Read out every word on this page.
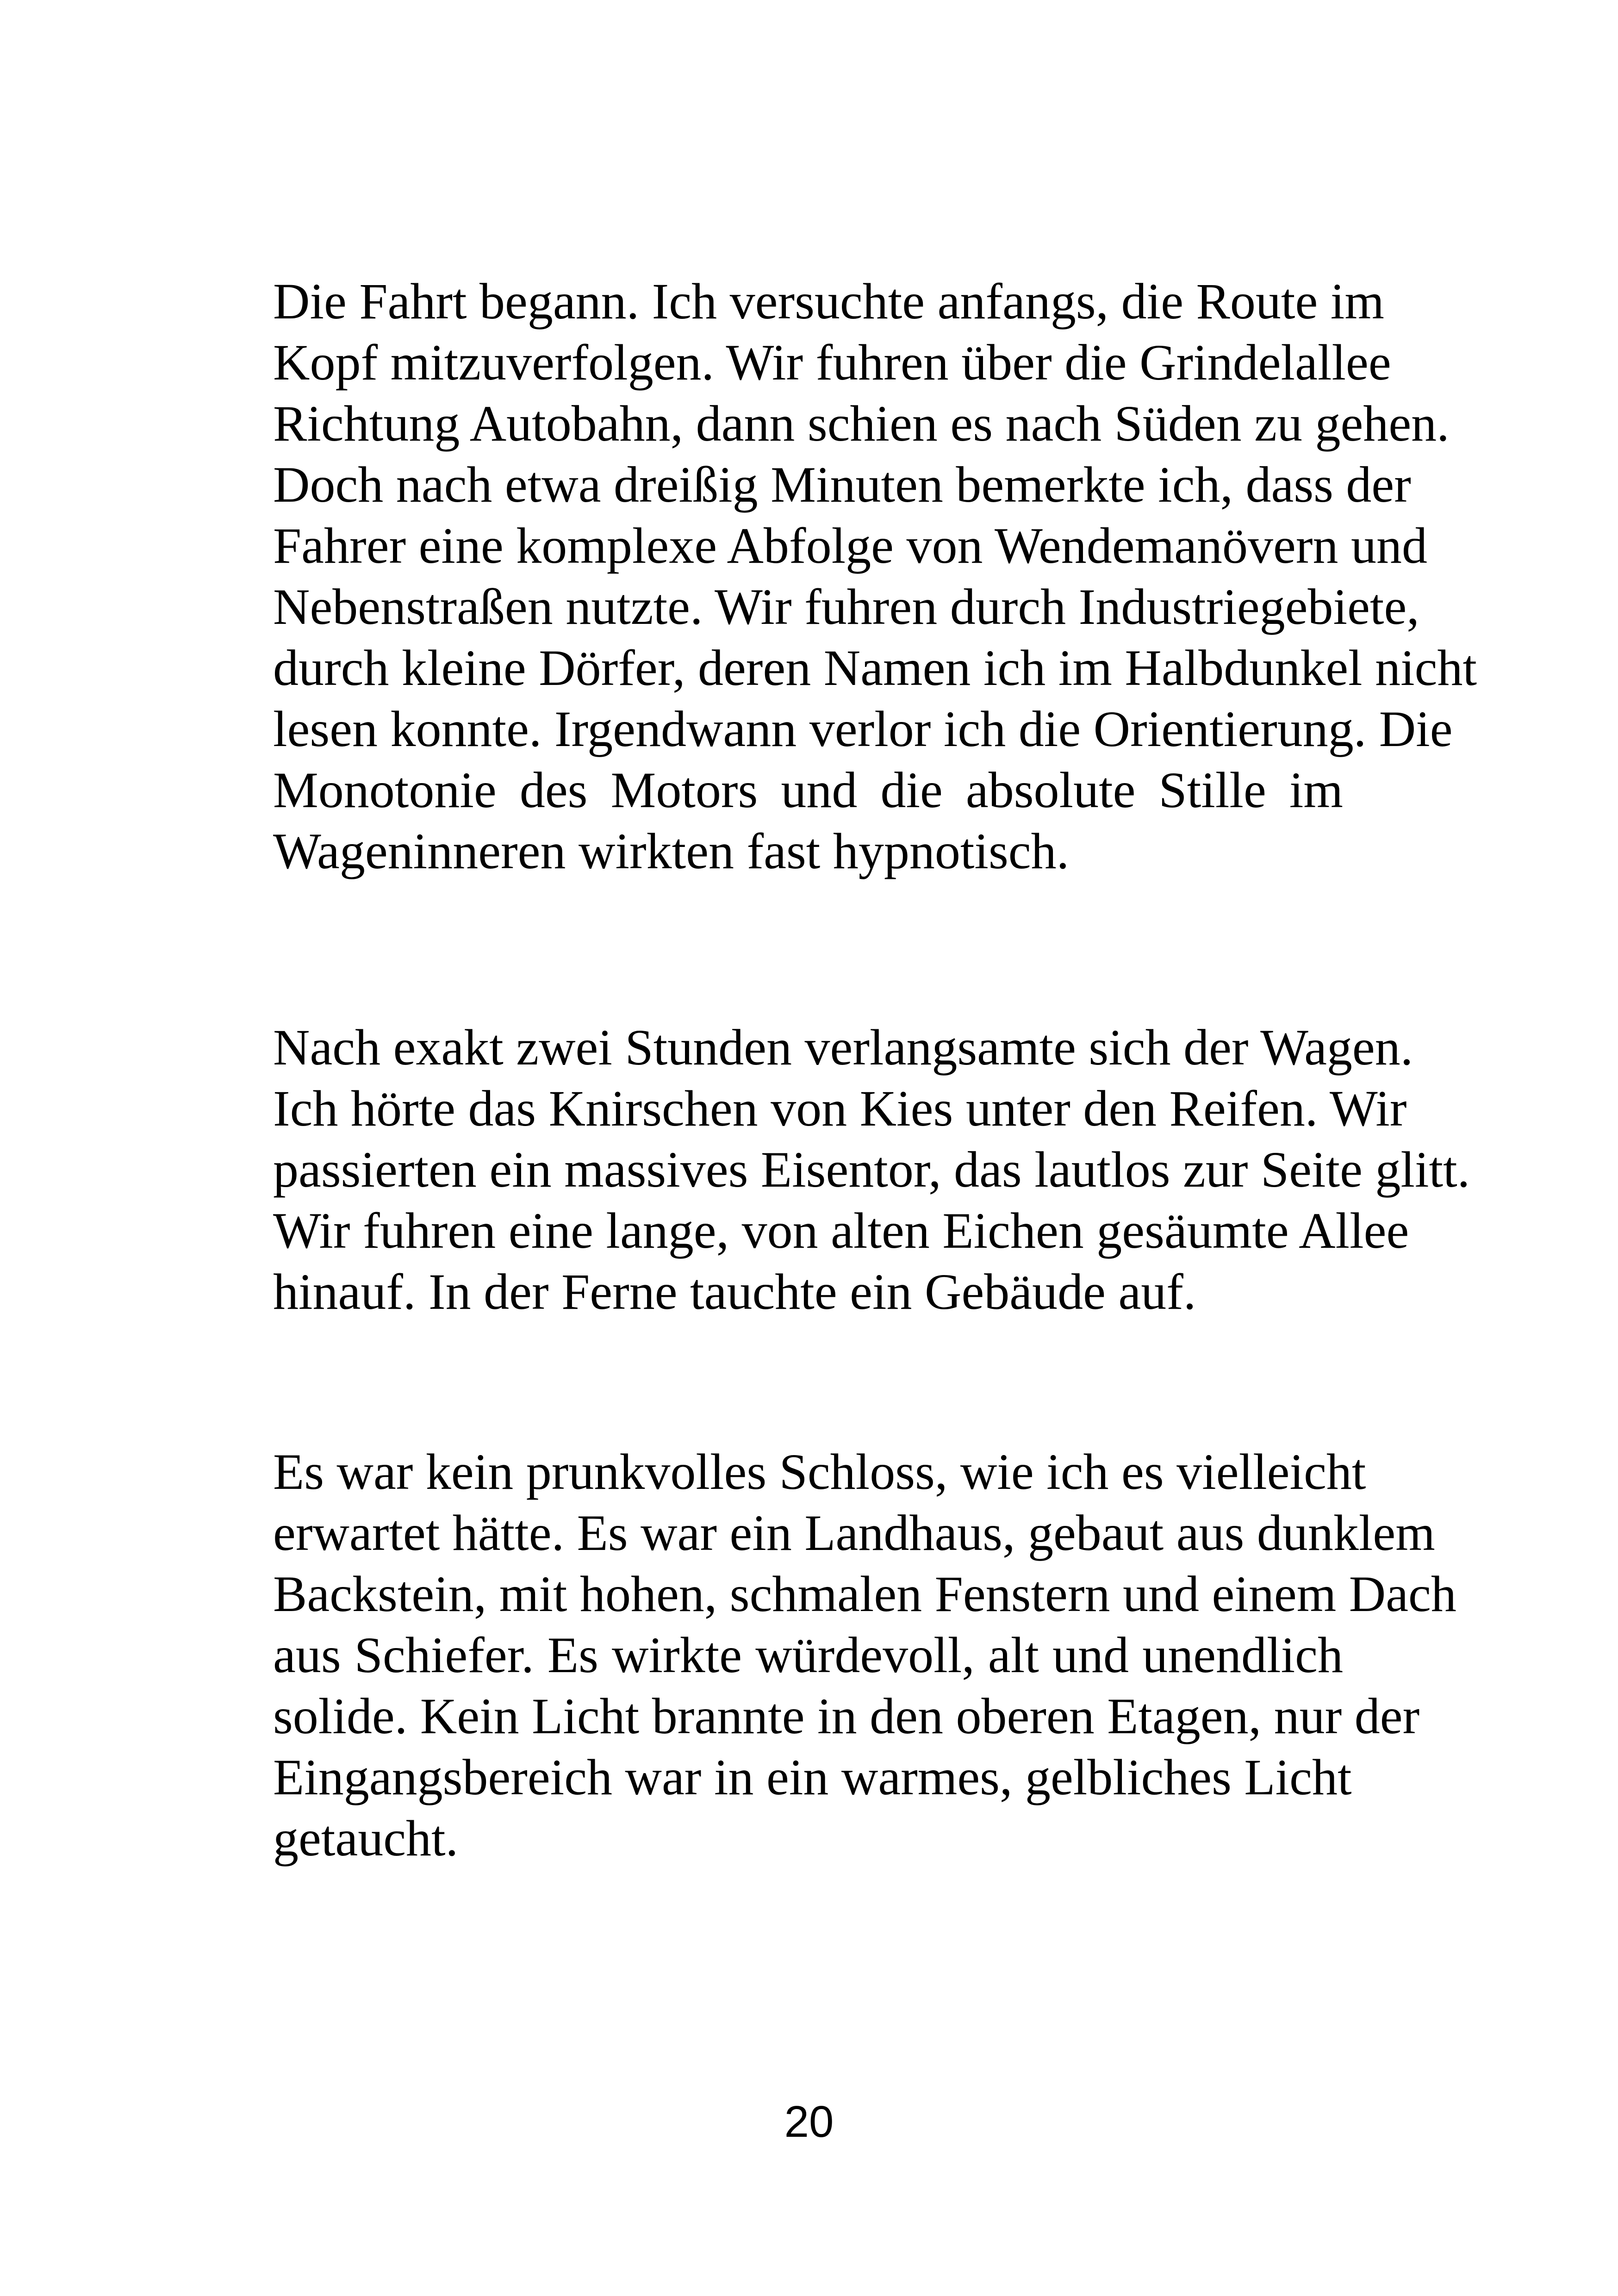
Die Fahrt begann. Ich versuchte anfangs, die Route im
Kopf mitzuverfolgen. Wir fuhren über die Grindelallee
Richtung Autobahn, dann schien es nach Süden zu gehen.
Doch nach etwa dreißig Minuten bemerkte ich, dass der
Fahrer eine komplexe Abfolge von Wendemanövern und
Nebenstraßen nutzte. Wir fuhren durch Industriegebiete,
durch kleine Dörfer, deren Namen ich im Halbdunkel nicht
lesen konnte. Irgendwann verlor ich die Orientierung. Die
Monotonie des Motors und die absolute Stille im
Wageninneren wirkten fast hypnotisch.
Nach exakt zwei Stunden verlangsamte sich der Wagen.
Ich hörte das Knirschen von Kies unter den Reifen. Wir
passierten ein massives Eisentor, das lautlos zur Seite glitt.
Wir fuhren eine lange, von alten Eichen gesäumte Allee
hinauf. In der Ferne tauchte ein Gebäude auf.
Es war kein prunkvolles Schloss, wie ich es vielleicht
erwartet hätte. Es war ein Landhaus, gebaut aus dunklem
Backstein, mit hohen, schmalen Fenstern und einem Dach
aus Schiefer. Es wirkte würdevoll, alt und unendlich
solide. Kein Licht brannte in den oberen Etagen, nur der
Eingangsbereich war in ein warmes, gelbliches Licht
getaucht.
20
